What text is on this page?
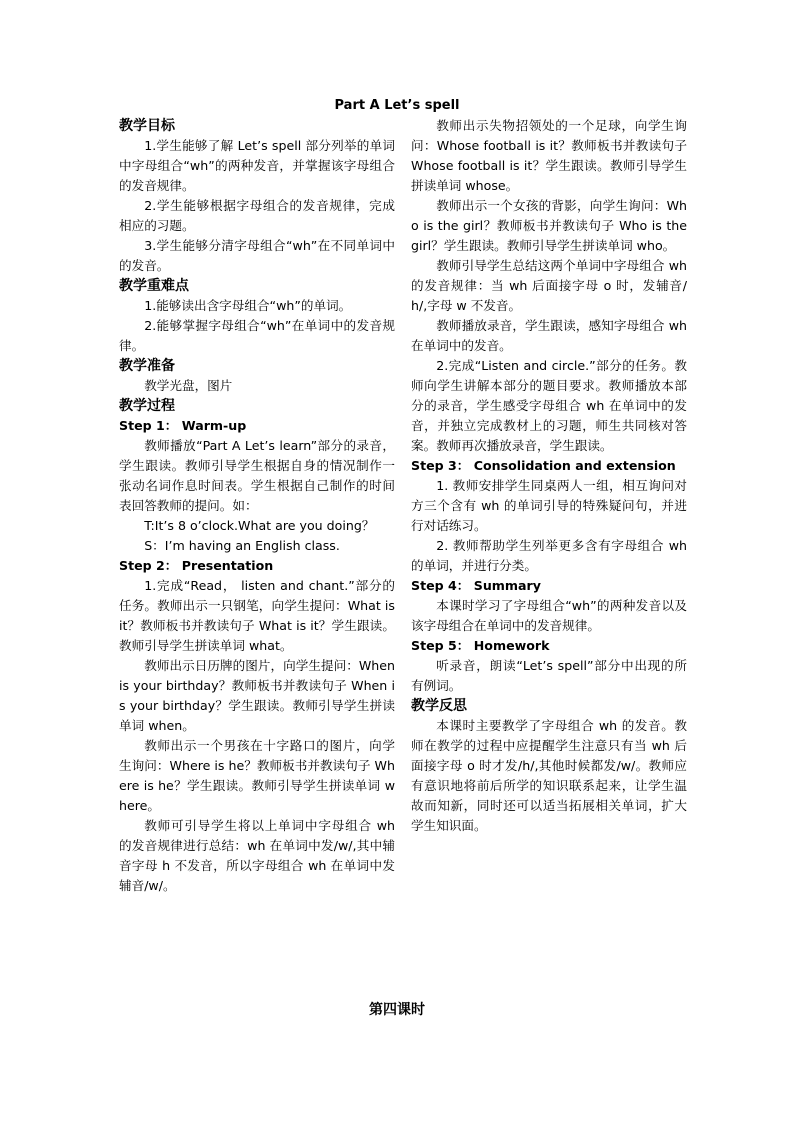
Part A Let’s spell
教学目标

1.学生能够了解 Let’s spell 部分列举的单词中字母组合“wh”的两种发音，并掌握该字母组合的发音规律。

2.学生能够根据字母组合的发音规律，完成相应的习题。

3.学生能够分清字母组合“wh”在不同单词中的发音。

教学重难点

1.能够读出含字母组合“wh”的单词。

2.能够掌握字母组合“wh”在单词中的发音规律。

教学准备

教学光盘，图片

教学过程
Step 1： Warm-up

教师播放“Part A Let’s learn”部分的录音，学生跟读。教师引导学生根据自身的情况制作一张动名词作息时间表。学生根据自己制作的时间表回答教师的提问。如：

T:It’s 8 o’clock.What are you doing？

S：I’m having an English class.

Step 2： Presentation

1.完成“Read， listen and chant.”部分的任务。教师出示一只钢笔，向学生提问：What is it？教师板书并教读句子 What is it？学生跟读。教师引导学生拼读单词 what。

教师出示日历牌的图片，向学生提问：When is your birthday？教师板书并教读句子 When is your birthday？学生跟读。教师引导学生拼读单词 when。

教师出示一个男孩在十字路口的图片，向学生询问：Where is he？教师板书并教读句子 Where is he？学生跟读。教师引导学生拼读单词 where。

教师可引导学生将以上单词中字母组合 wh 的发音规律进行总结：wh 在单词中发/w/,其中辅音字母 h 不发音，所以字母组合 wh 在单词中发辅音/w/。

教师出示失物招领处的一个足球，向学生询问：Whose football is it？教师板书并教读句子 Whose football is it？学生跟读。教师引导学生拼读单词 whose。

教师出示一个女孩的背影，向学生询问：Who is the girl？教师板书并教读句子 Who is the girl？学生跟读。教师引导学生拼读单词 who。

教师引导学生总结这两个单词中字母组合 wh 的发音规律：当 wh 后面接字母 o 时，发辅音/h/,字母 w 不发音。

教师播放录音，学生跟读，感知字母组合 wh 在单词中的发音。

2.完成“Listen and circle.”部分的任务。教师向学生讲解本部分的题目要求。教师播放本部分的录音，学生感受字母组合 wh 在单词中的发音，并独立完成教材上的习题，师生共同核对答案。教师再次播放录音，学生跟读。

Step 3： Consolidation and extension

1. 教师安排学生同桌两人一组，相互询问对方三个含有 wh 的单词引导的特殊疑问句，并进行对话练习。

2. 教师帮助学生列举更多含有字母组合 wh 的单词，并进行分类。

Step 4： Summary

本课时学习了字母组合“wh”的两种发音以及该字母组合在单词中的发音规律。

Step 5： Homework

听录音，朗读“Let’s spell”部分中出现的所有例词。

教学反思

本课时主要教学了字母组合 wh 的发音。教师在教学的过程中应提醒学生注意只有当 wh 后面接字母 o 时才发/h/,其他时候都发/w/。教师应有意识地将前后所学的知识联系起来，让学生温故而知新，同时还可以适当拓展相关单词，扩大学生知识面。

第四课时
